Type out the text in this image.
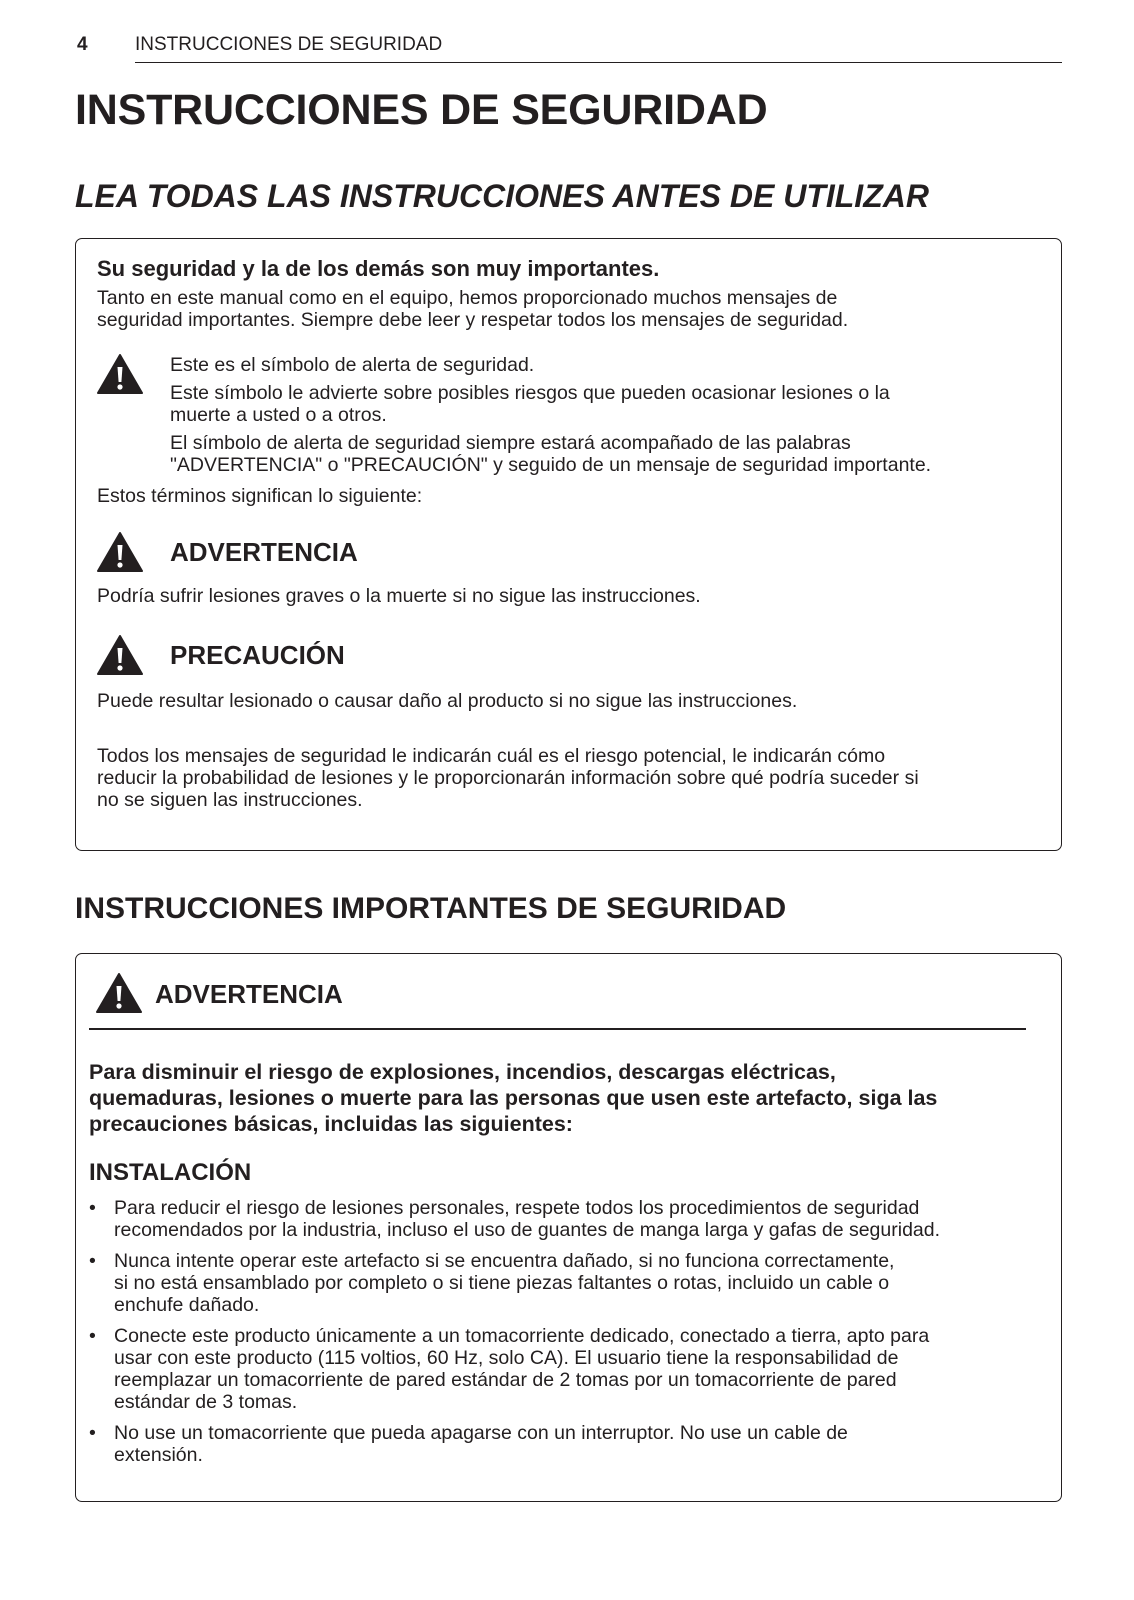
4 INSTRUCCIONES DE SEGURIDAD
INSTRUCCIONES DE SEGURIDAD
LEA TODAS LAS INSTRUCCIONES ANTES DE UTILIZAR

Su seguridad y la de los demás son muy importantes.

Tanto en este manual como en el equipo, hemos proporcionado muchos mensajes de

seguridad importantes. Siempre debe leer y respetar todos los mensajes de seguridad.

Este es el símbolo de alerta de seguridad.

Este símbolo le advierte sobre posibles riesgos que pueden ocasionar lesiones o la

muerte a usted o a otros.

El símbolo de alerta de seguridad siempre estará acompañado de las palabras

"ADVERTENCIA" o "PRECAUCIÓN" y seguido de un mensaje de seguridad importante.

Estos términos significan lo siguiente:

ADVERTENCIA

Podría sufrir lesiones graves o la muerte si no sigue las instrucciones.

PRECAUCIÓN

Puede resultar lesionado o causar daño al producto si no sigue las instrucciones.

Todos los mensajes de seguridad le indicarán cuál es el riesgo potencial, le indicarán cómo

reducir la probabilidad de lesiones y le proporcionarán información sobre qué podría suceder si

no se siguen las instrucciones.

INSTRUCCIONES IMPORTANTES DE SEGURIDAD

ADVERTENCIA

Para disminuir el riesgo de explosiones, incendios, descargas eléctricas,

quemaduras, lesiones o muerte para las personas que usen este artefacto, siga las

precauciones básicas, incluidas las siguientes:

INSTALACIÓN

• Para reducir el riesgo de lesiones personales, respete todos los procedimientos de seguridad
recomendados por la industria, incluso el uso de guantes de manga larga y gafas de seguridad.
• Nunca intente operar este artefacto si se encuentra dañado, si no funciona correctamente,
si no está ensamblado por completo o si tiene piezas faltantes o rotas, incluido un cable o
enchufe dañado.
• Conecte este producto únicamente a un tomacorriente dedicado, conectado a tierra, apto para
usar con este producto (115 voltios, 60 Hz, solo CA). El usuario tiene la responsabilidad de
reemplazar un tomacorriente de pared estándar de 2 tomas por un tomacorriente de pared
estándar de 3 tomas.
• No use un tomacorriente que pueda apagarse con un interruptor. No use un cable de
extensión.
